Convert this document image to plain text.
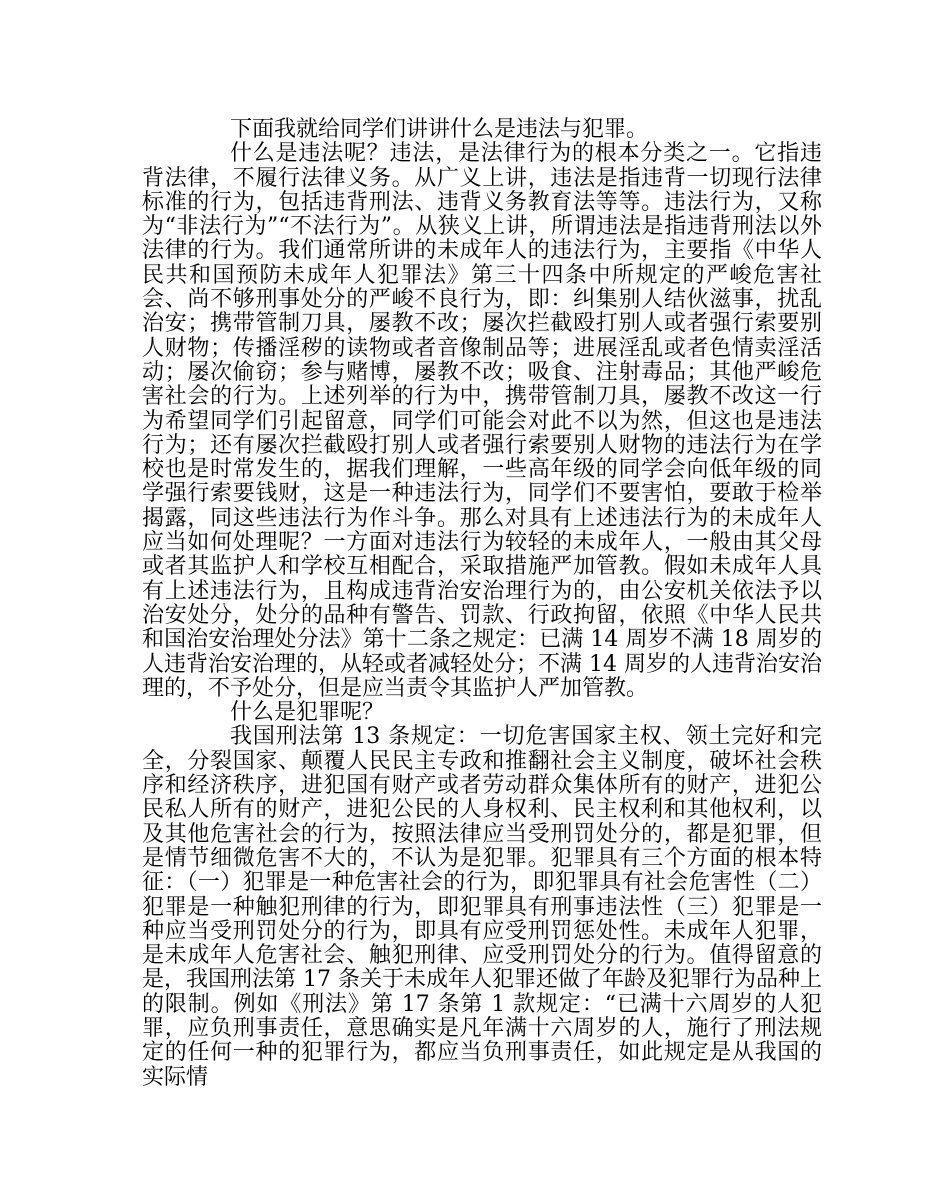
下面我就给同学们讲讲什么是违法与犯罪。

什么是违法呢？违法，是法律行为的根本分类之一。它指违背法律，不履行法律义务。从广义上讲，违法是指违背一切现行法律标准的行为，包括违背刑法、违背义务教育法等等。违法行为，又称为“非法行为”“不法行为”。从狭义上讲，所谓违法是指违背刑法以外法律的行为。我们通常所讲的未成年人的违法行为，主要指《中华人民共和国预防未成年人犯罪法》第三十四条中所规定的严峻危害社会、尚不够刑事处分的严峻不良行为，即：纠集别人结伙滋事，扰乱治安；携带管制刀具，屡教不改；屡次拦截殴打别人或者强行索要别人财物；传播淫秽的读物或者音像制品等；进展淫乱或者色情卖淫活动；屡次偷窃；参与赌博，屡教不改；吸食、注射毒品；其他严峻危害社会的行为。上述列举的行为中，携带管制刀具，屡教不改这一行为希望同学们引起留意，同学们可能会对此不以为然，但这也是违法行为；还有屡次拦截殴打别人或者强行索要别人财物的违法行为在学校也是时常发生的，据我们理解，一些高年级的同学会向低年级的同学强行索要钱财，这是一种违法行为，同学们不要害怕，要敢于检举揭露，同这些违法行为作斗争。那么对具有上述违法行为的未成年人应当如何处理呢？一方面对违法行为较轻的未成年人，一般由其父母或者其监护人和学校互相配合，采取措施严加管教。假如未成年人具有上述违法行为，且构成违背治安治理行为的，由公安机关依法予以治安处分，处分的品种有警告、罚款、行政拘留，依照《中华人民共和国治安治理处分法》第十二条之规定：已满 14 周岁不满 18 周岁的人违背治安治理的，从轻或者减轻处分；不满 14 周岁的人违背治安治理的，不予处分，但是应当责令其监护人严加管教。

什么是犯罪呢？

我国刑法第 13 条规定：一切危害国家主权、领土完好和完全，分裂国家、颠覆人民民主专政和推翻社会主义制度，破坏社会秩序和经济秩序，进犯国有财产或者劳动群众集体所有的财产，进犯公民私人所有的财产，进犯公民的人身权利、民主权利和其他权利，以及其他危害社会的行为，按照法律应当受刑罚处分的，都是犯罪，但是情节细微危害不大的，不认为是犯罪。犯罪具有三个方面的根本特征：（一）犯罪是一种危害社会的行为，即犯罪具有社会危害性（二）犯罪是一种触犯刑律的行为，即犯罪具有刑事违法性（三）犯罪是一种应当受刑罚处分的行为，即具有应受刑罚惩处性。未成年人犯罪，是未成年人危害社会、触犯刑律、应受刑罚处分的行为。值得留意的是，我国刑法第 17 条关于未成年人犯罪还做了年龄及犯罪行为品种上的限制。例如《刑法》第 17 条第 1 款规定：“已满十六周岁的人犯罪，应负刑事责任，意思确实是凡年满十六周岁的人，施行了刑法规定的任何一种的犯罪行为，都应当负刑事责任，如此规定是从我国的实际情
